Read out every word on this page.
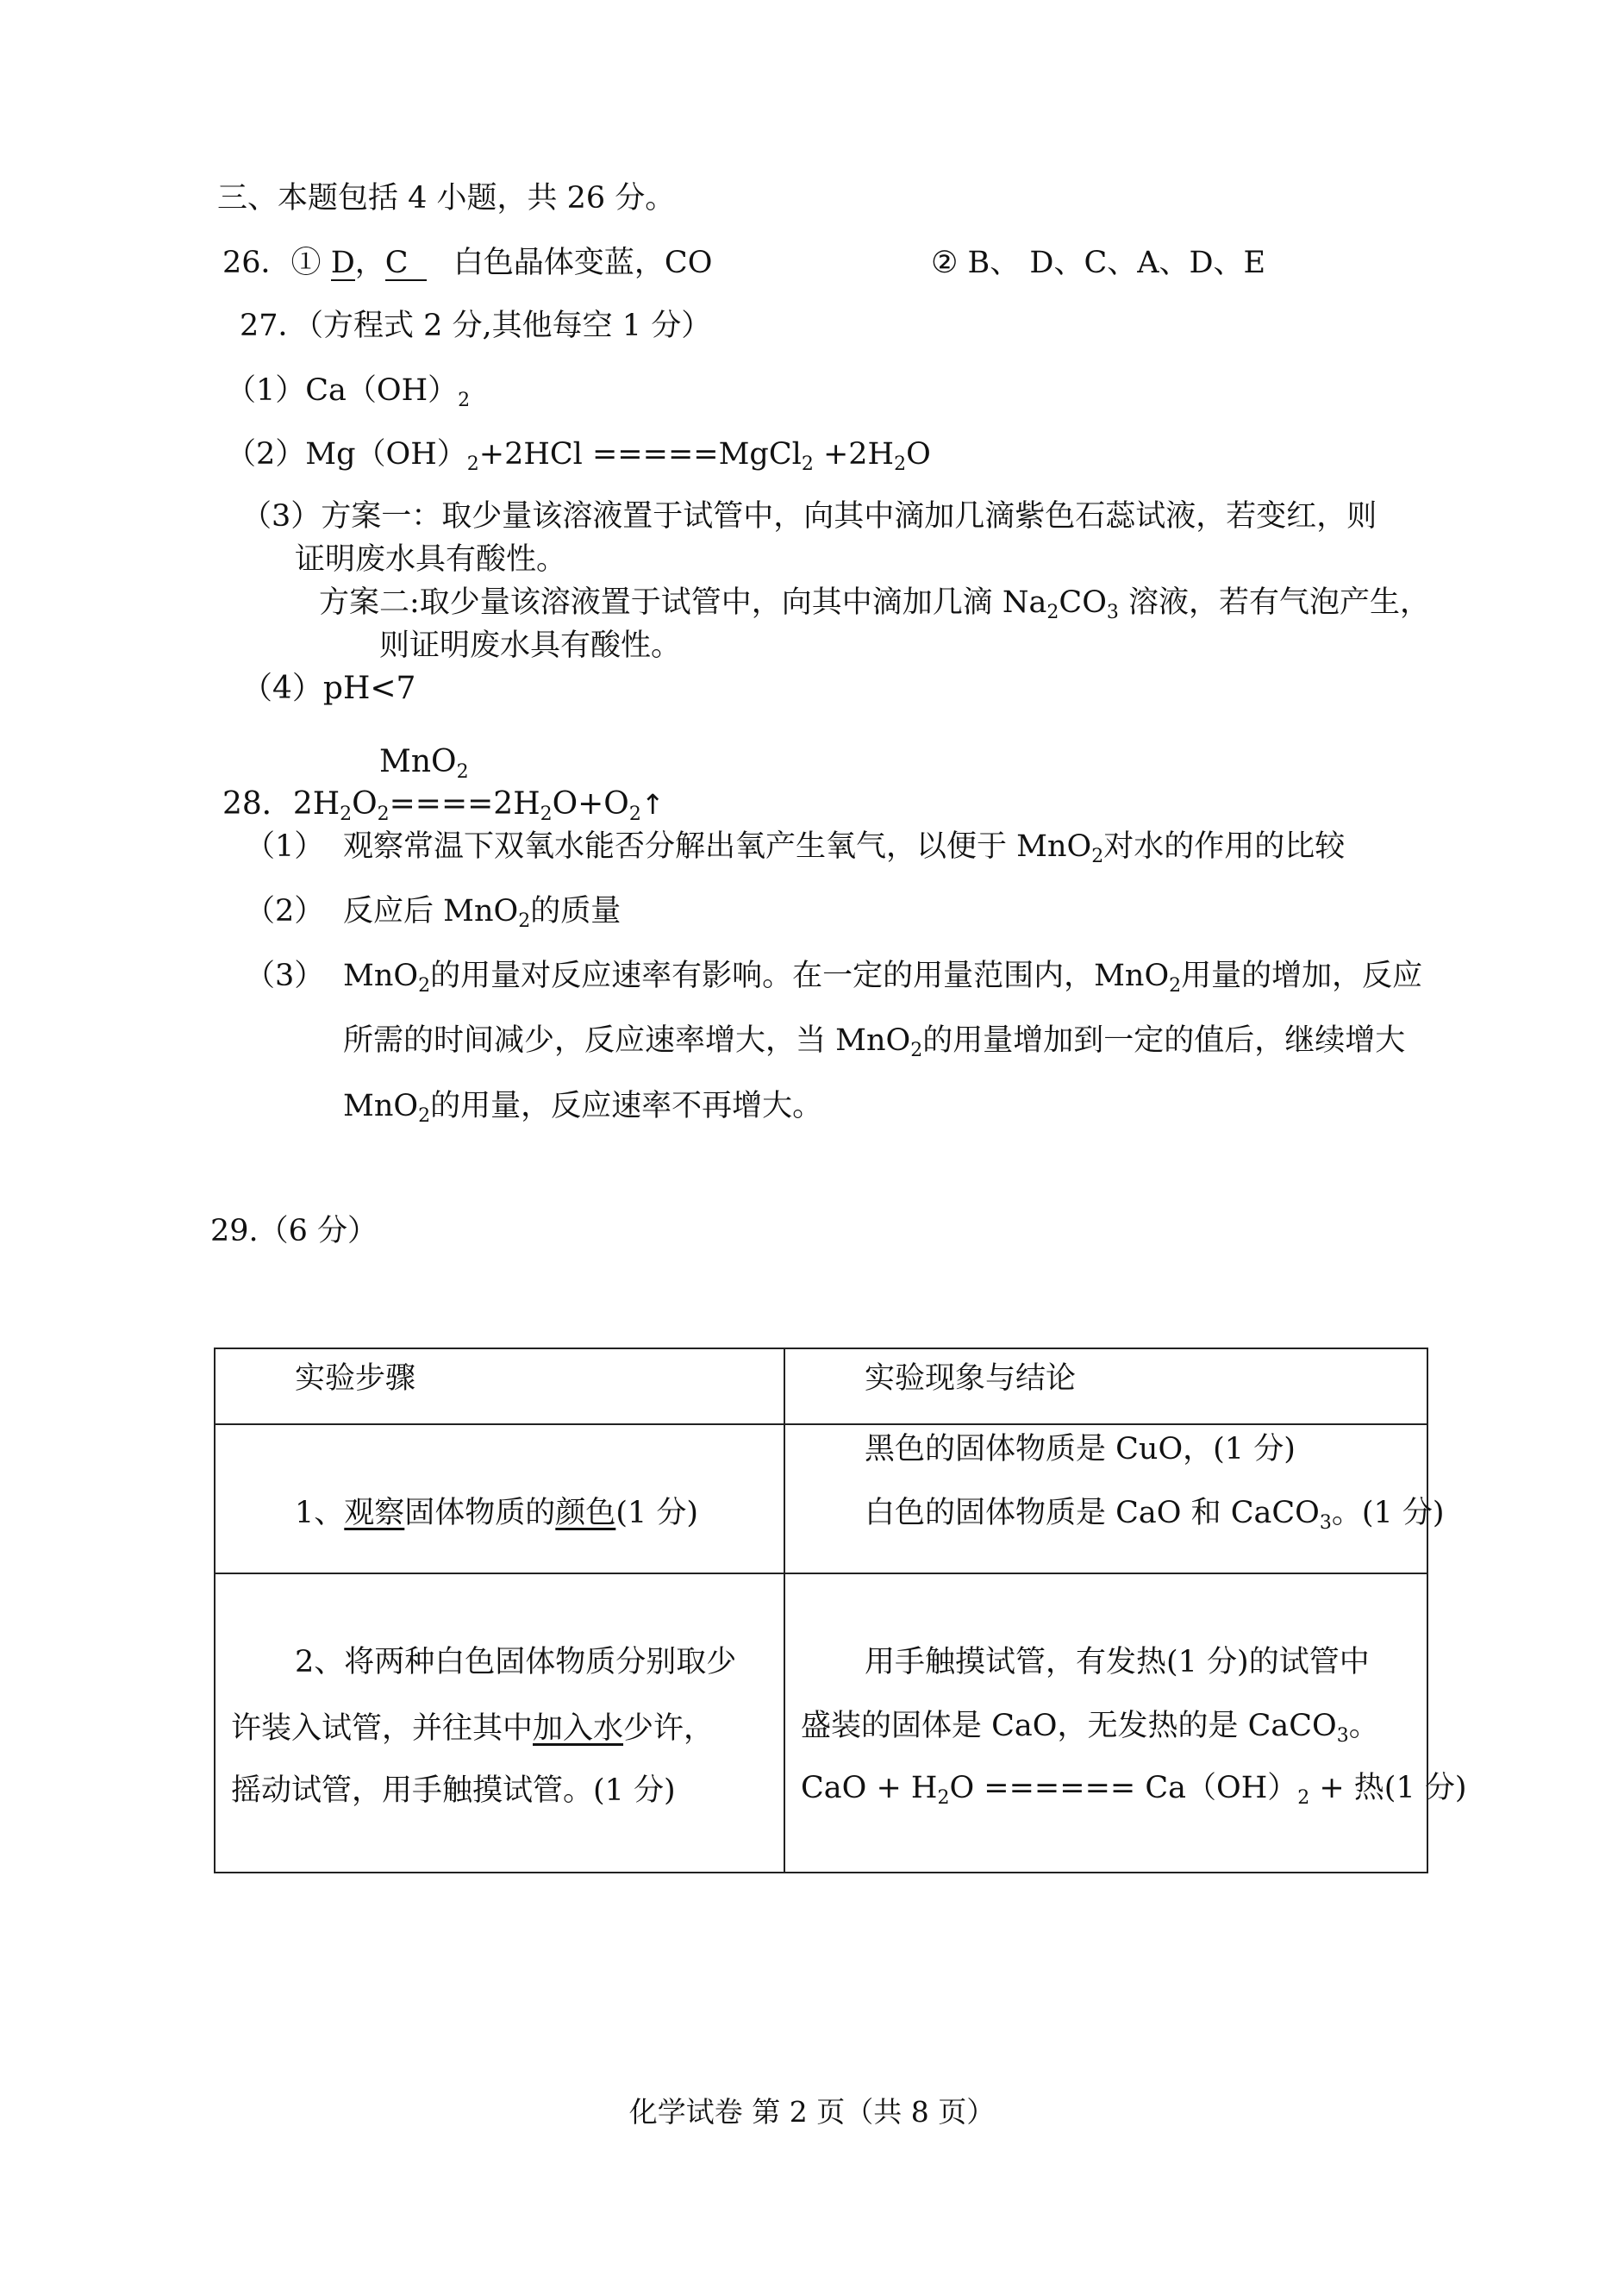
三、本题包括 4 小题，共 26 分。
26．① D，C 白色晶体变蓝，CO	② B、 D、C、A、D、E
27．（方程式 2 分,其他每空 1 分）
$(1)Ca(OH)_2$
$(2)Mg(OH)_2+2HCl$ =====MgCl$_2$ $+2H_2O$
（3）方案一：取少量该溶液置于试管中，向其中滴加几滴紫色石蕊试液，若变红，则
证明废水具有酸性。
方案二:取少量该溶液置于试管中，向其中滴加几滴 $Na_2CO_3$ 溶液，若有气泡产生，
则证明废水具有酸性。
（4）pH<7
MnO$_2$
28．$2H_2O_2====2H_2O+O_2↑$
（1） 观察常温下双氧水能否分解出氧产生氧气，以便于 MnO$_2$对水的作用的比较
（2） 反应后 MnO$_2$的质量
（3） MnO$_2$的用量对反应速率有影响。在一定的用量范围内，MnO$_2$用量的增加，反应
所需的时间减少，反应速率增大，当 MnO$_2$的用量增加到一定的值后，继续增大
MnO$_2$的用量，反应速率不再增大。
29.（6 分）
实验步骤	实验现象与结论

1、观察固体物质的颜色(1 分)	黑色的固体物质是 CuO，(1 分)
白色的固体物质是 CaO 和 CaCO$_3$。(1 分)

2、将两种白色固体物质分别取少
许装入试管，并往其中加入水少许，
摇动试管，用手触摸试管。(1 分)	用手触摸试管，有发热(1 分)的试管中
盛装的固体是 CaO，无发热的是 CaCO$_3$。
CaO + $H_2O$ ====== $Ca(OH)_2$ + 热(1 分)
化学试卷 第 2 页（共 8 页）
